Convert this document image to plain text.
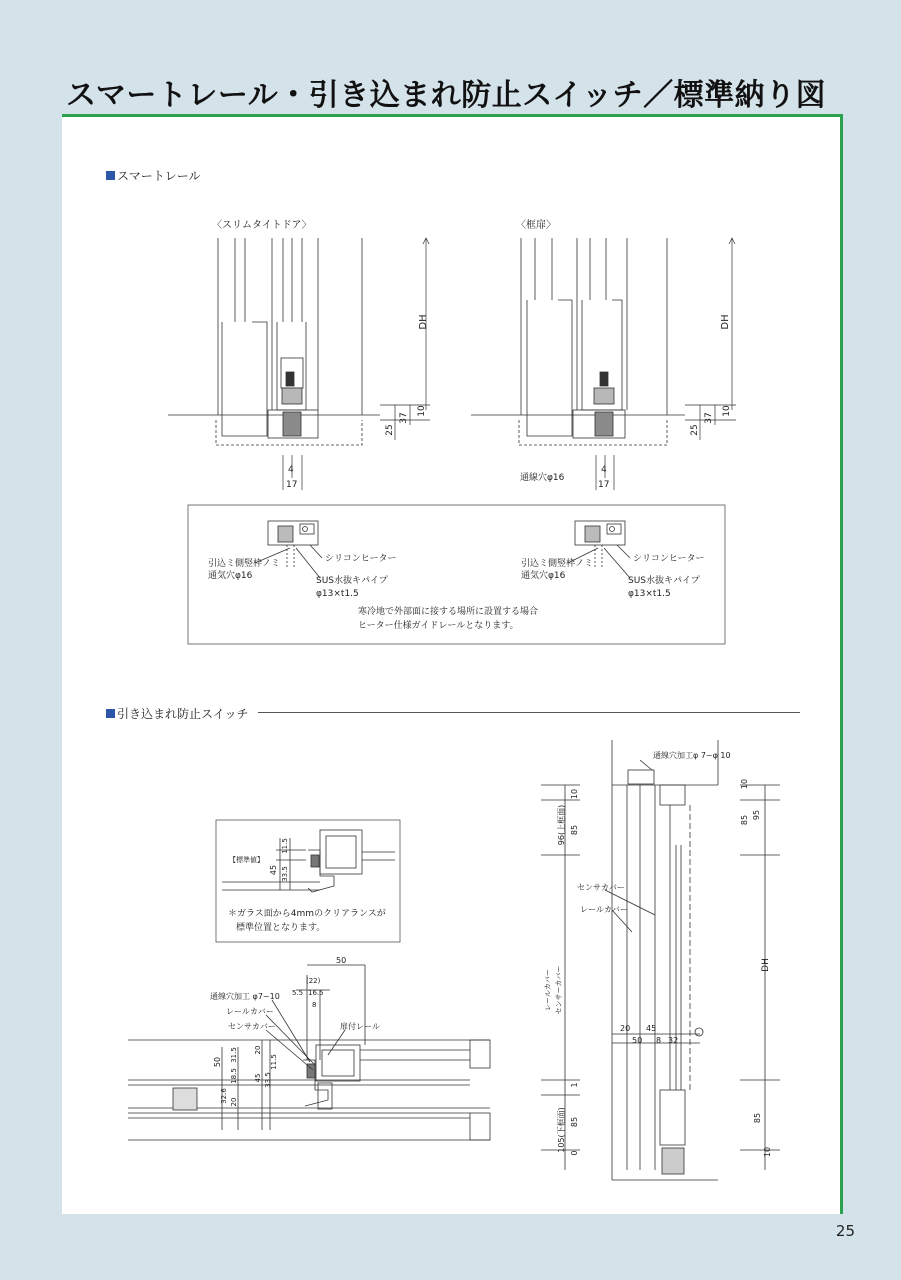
スマートレール・引き込まれ防止スイッチ／標準納り図
スマートレール
DH
25
37
10
4
17
〈スリムタイトドア〉
DH
25
37
10
4
17
〈框扉〉
通線穴φ16
引込ミ側竪枠ノミ
通気穴φ16
シリコンヒーター
SUS水抜キパイプ
φ13×t1.5
引込ミ側竪枠ノミ
通気穴φ16
シリコンヒーター
SUS水抜キパイプ
φ13×t1.5
寒冷地で外部面に接する場所に設置する場合
ヒーター仕様ガイドレールとなります。
引き込まれ防止スイッチ
【標準値】
11.5
45 33.5
＊ガラス面から4mmのクリアランスが
標準位置となります。
50
(22)
5.5 16.5
8
通線穴加工 φ7~10
レールカバー
センサカバー	扉付レール
50 31.5
18.5
20
11.5
45 33.5
32.6 20
通線穴加工φ 7~φ 10
10
85 95
96(上框面)
10
85
センサカバー
レールカバー
レールカバー センサーカバー
DH
20 45
50 8 32
105(下框面)
1
85
0
85
10
25
